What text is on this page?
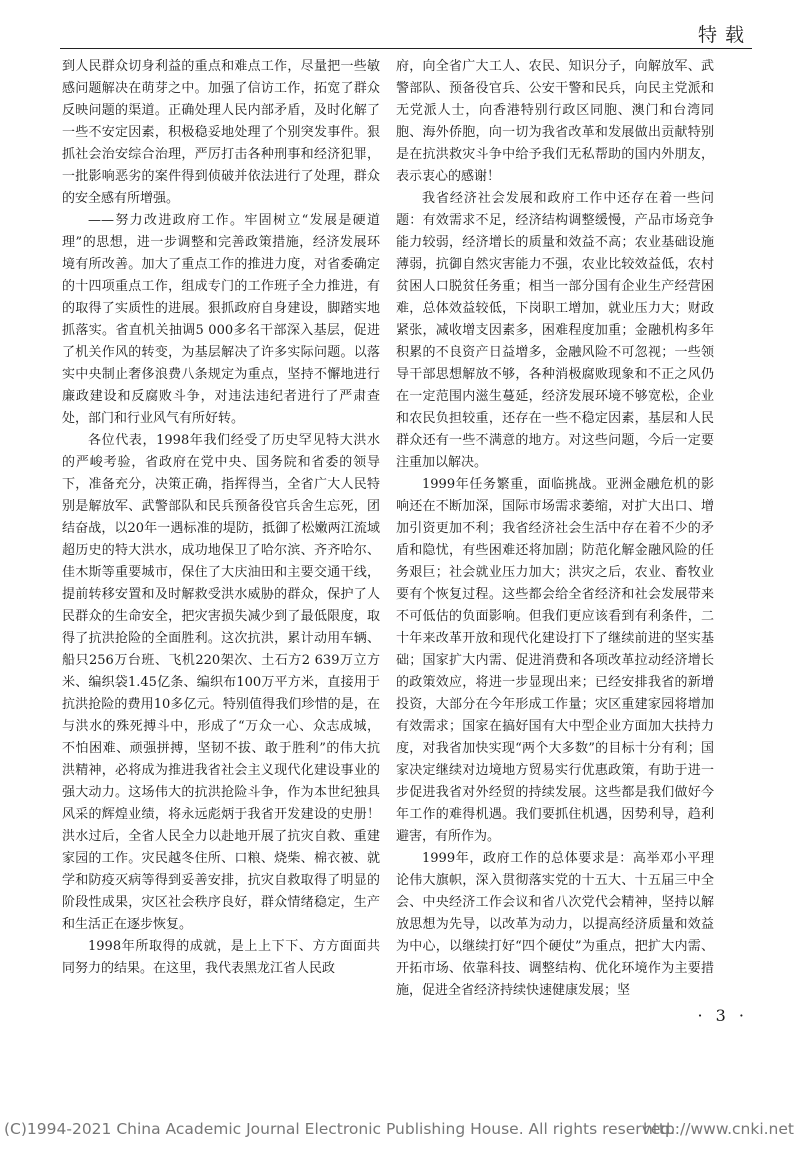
特载

到人民群众切身利益的重点和难点工作，尽量把一些敏感问题解决在萌芽之中。加强了信访工作，拓宽了群众反映问题的渠道。正确处理人民内部矛盾，及时化解了一些不安定因素，积极稳妥地处理了个别突发事件。狠抓社会治安综合治理，严厉打击各种刑事和经济犯罪，一批影响恶劣的案件得到侦破并依法进行了处理，群众的安全感有所增强。

——努力改进政府工作。牢固树立“发展是硬道理”的思想，进一步调整和完善政策措施，经济发展环境有所改善。加大了重点工作的推进力度，对省委确定的十四项重点工作，组成专门的工作班子全力推进，有的取得了实质性的进展。狠抓政府自身建设，脚踏实地抓落实。省直机关抽调5 000多名干部深入基层，促进了机关作风的转变，为基层解决了许多实际问题。以落实中央制止奢侈浪费八条规定为重点，坚持不懈地进行廉政建设和反腐败斗争，对违法违纪者进行了严肃查处，部门和行业风气有所好转。

各位代表，1998年我们经受了历史罕见特大洪水的严峻考验，省政府在党中央、国务院和省委的领导下，准备充分，决策正确，指挥得当，全省广大人民特别是解放军、武警部队和民兵预备役官兵舍生忘死，团结奋战，以20年一遇标准的堤防，抵御了松嫩两江流域超历史的特大洪水，成功地保卫了哈尔滨、齐齐哈尔、佳木斯等重要城市，保住了大庆油田和主要交通干线，提前转移安置和及时解救受洪水威胁的群众，保护了人民群众的生命安全，把灾害损失减少到了最低限度，取得了抗洪抢险的全面胜利。这次抗洪，累计动用车辆、船只256万台班、飞机220架次、土石方2 639万立方米、编织袋1.45亿条、编织布100万平方米，直接用于抗洪抢险的费用10多亿元。特别值得我们珍惜的是，在与洪水的殊死搏斗中，形成了“万众一心、众志成城，不怕困难、顽强拼搏，坚韧不拔、敢于胜利”的伟大抗洪精神，必将成为推进我省社会主义现代化建设事业的强大动力。这场伟大的抗洪抢险斗争，作为本世纪独具风采的辉煌业绩，将永远彪炳于我省开发建设的史册！洪水过后，全省人民全力以赴地开展了抗灾自救、重建家园的工作。灾民越冬住所、口粮、烧柴、棉衣被、就学和防疫灭病等得到妥善安排，抗灾自救取得了明显的阶段性成果，灾区社会秩序良好，群众情绪稳定，生产和生活正在逐步恢复。

1998年所取得的成就，是上上下下、方方面面共同努力的结果。在这里，我代表黑龙江省人民政

府，向全省广大工人、农民、知识分子，向解放军、武警部队、预备役官兵、公安干警和民兵，向民主党派和无党派人士，向香港特别行政区同胞、澳门和台湾同胞、海外侨胞，向一切为我省改革和发展做出贡献特别是在抗洪救灾斗争中给予我们无私帮助的国内外朋友，表示衷心的感谢！

我省经济社会发展和政府工作中还存在着一些问题：有效需求不足，经济结构调整缓慢，产品市场竞争能力较弱，经济增长的质量和效益不高；农业基础设施薄弱，抗御自然灾害能力不强，农业比较效益低，农村贫困人口脱贫任务重；相当一部分国有企业生产经营困难，总体效益较低，下岗职工增加，就业压力大；财政紧张，减收增支因素多，困难程度加重；金融机构多年积累的不良资产日益增多，金融风险不可忽视；一些领导干部思想解放不够，各种消极腐败现象和不正之风仍在一定范围内滋生蔓延，经济发展环境不够宽松，企业和农民负担较重，还存在一些不稳定因素，基层和人民群众还有一些不满意的地方。对这些问题，今后一定要注重加以解决。

1999年任务繁重，面临挑战。亚洲金融危机的影响还在不断加深，国际市场需求萎缩，对扩大出口、增加引资更加不利；我省经济社会生活中存在着不少的矛盾和隐忧，有些困难还将加剧；防范化解金融风险的任务艰巨；社会就业压力加大；洪灾之后，农业、畜牧业要有个恢复过程。这些都会给全省经济和社会发展带来不可低估的负面影响。但我们更应该看到有利条件，二十年来改革开放和现代化建设打下了继续前进的坚实基础；国家扩大内需、促进消费和各项改革拉动经济增长的政策效应，将进一步显现出来；已经安排我省的新增投资，大部分在今年形成工作量；灾区重建家园将增加有效需求；国家在搞好国有大中型企业方面加大扶持力度，对我省加快实现“两个大多数”的目标十分有利；国家决定继续对边境地方贸易实行优惠政策，有助于进一步促进我省对外经贸的持续发展。这些都是我们做好今年工作的难得机遇。我们要抓住机遇，因势利导，趋利避害，有所作为。

1999年，政府工作的总体要求是：高举邓小平理论伟大旗帜，深入贯彻落实党的十五大、十五届三中全会、中央经济工作会议和省八次党代会精神，坚持以解放思想为先导，以改革为动力，以提高经济质量和效益为中心，以继续打好“四个硬仗”为重点，把扩大内需、开拓市场、依靠科技、调整结构、优化环境作为主要措施，促进全省经济持续快速健康发展；坚

· 3 ·
(C)1994-2021 China Academic Journal Electronic Publishing House. All rights reserved.
http://www.cnki.net
